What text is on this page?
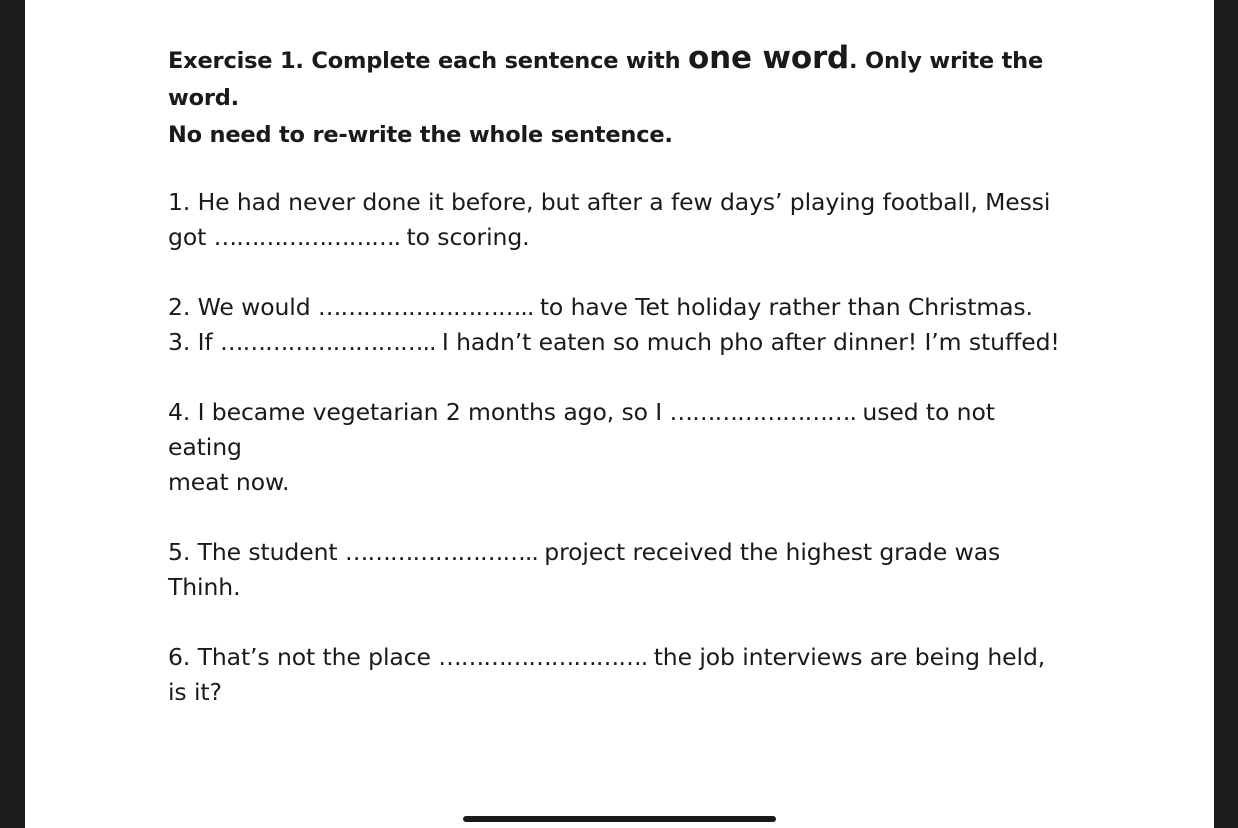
Exercise 1. Complete each sentence with one word. Only write the word.
No need to re-write the whole sentence.

1. He had never done it before, but after a few days’ playing football, Messi
got ……………………. to scoring.

2. We would ……………………….. to have Tet holiday rather than Christmas.

3. If ……………………….. I hadn’t eaten so much pho after dinner! I’m stuffed!

4. I became vegetarian 2 months ago, so I ……………………. used to not eating
meat now.

5. The student …………………….. project received the highest grade was Thinh.

6. That’s not the place ………………………. the job interviews are being held,
is it?
